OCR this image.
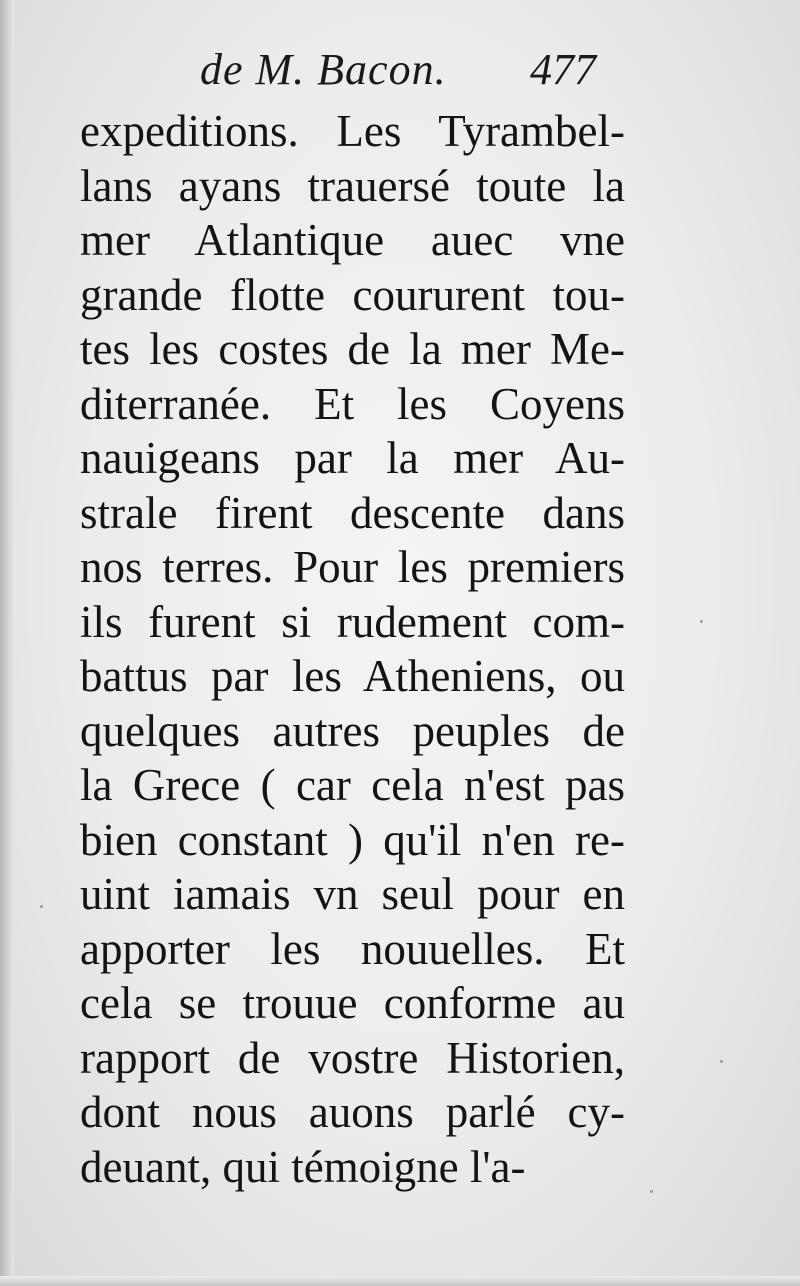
de M. Bacon. 477
expeditions. Les Tyrambel-
lans ayans trauersé toute la
mer Atlantique auec vne
grande flotte coururent tou-
tes les costes de la mer Me-
diterranée. Et les Coyens
nauigeans par la mer Au-
strale firent descente dans
nos terres. Pour les premiers
ils furent si rudement com-
battus par les Atheniens, ou
quelques autres peuples de
la Grece ( car cela n'est pas
bien constant ) qu'il n'en re-
uint iamais vn seul pour en
apporter les nouuelles. Et
cela se trouue conforme au
rapport de vostre Historien,
dont nous auons parlé cy-
deuant, qui témoigne l'a-
